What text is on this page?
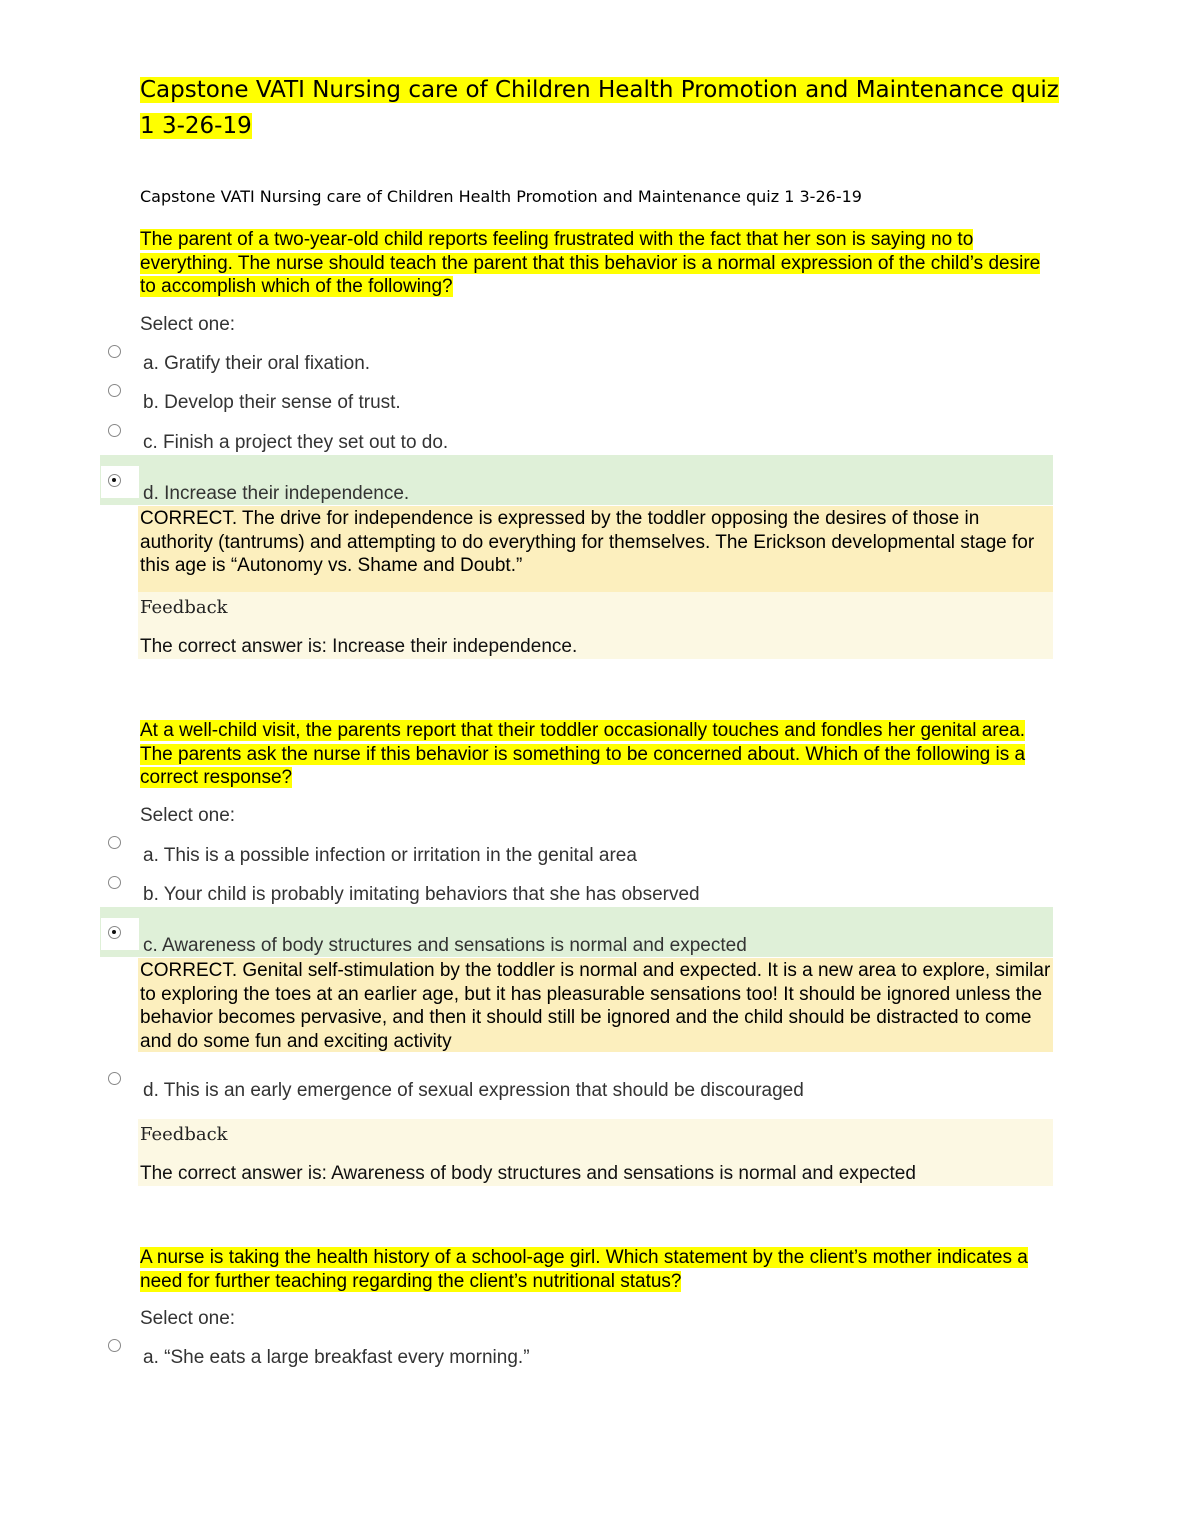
Capstone VATI Nursing care of Children Health Promotion and Maintenance quiz 1 3-26-19
Capstone VATI Nursing care of Children Health Promotion and Maintenance quiz 1 3-26-19
The parent of a two-year-old child reports feeling frustrated with the fact that her son is saying no to everything. The nurse should teach the parent that this behavior is a normal expression of the child’s desire to accomplish which of the following?
Select one:
a. Gratify their oral fixation.
b. Develop their sense of trust.
c. Finish a project they set out to do.
d. Increase their independence.
CORRECT. The drive for independence is expressed by the toddler opposing the desires of those in authority (tantrums) and attempting to do everything for themselves. The Erickson developmental stage for this age is “Autonomy vs. Shame and Doubt.”
Feedback
The correct answer is: Increase their independence.
At a well-child visit, the parents report that their toddler occasionally touches and fondles her genital area. The parents ask the nurse if this behavior is something to be concerned about. Which of the following is a correct response?
Select one:
a. This is a possible infection or irritation in the genital area
b. Your child is probably imitating behaviors that she has observed
c. Awareness of body structures and sensations is normal and expected
CORRECT. Genital self-stimulation by the toddler is normal and expected. It is a new area to explore, similar to exploring the toes at an earlier age, but it has pleasurable sensations too! It should be ignored unless the behavior becomes pervasive, and then it should still be ignored and the child should be distracted to come and do some fun and exciting activity
d. This is an early emergence of sexual expression that should be discouraged
Feedback
The correct answer is: Awareness of body structures and sensations is normal and expected
A nurse is taking the health history of a school-age girl. Which statement by the client’s mother indicates a need for further teaching regarding the client’s nutritional status?
Select one:
a. “She eats a large breakfast every morning.”
